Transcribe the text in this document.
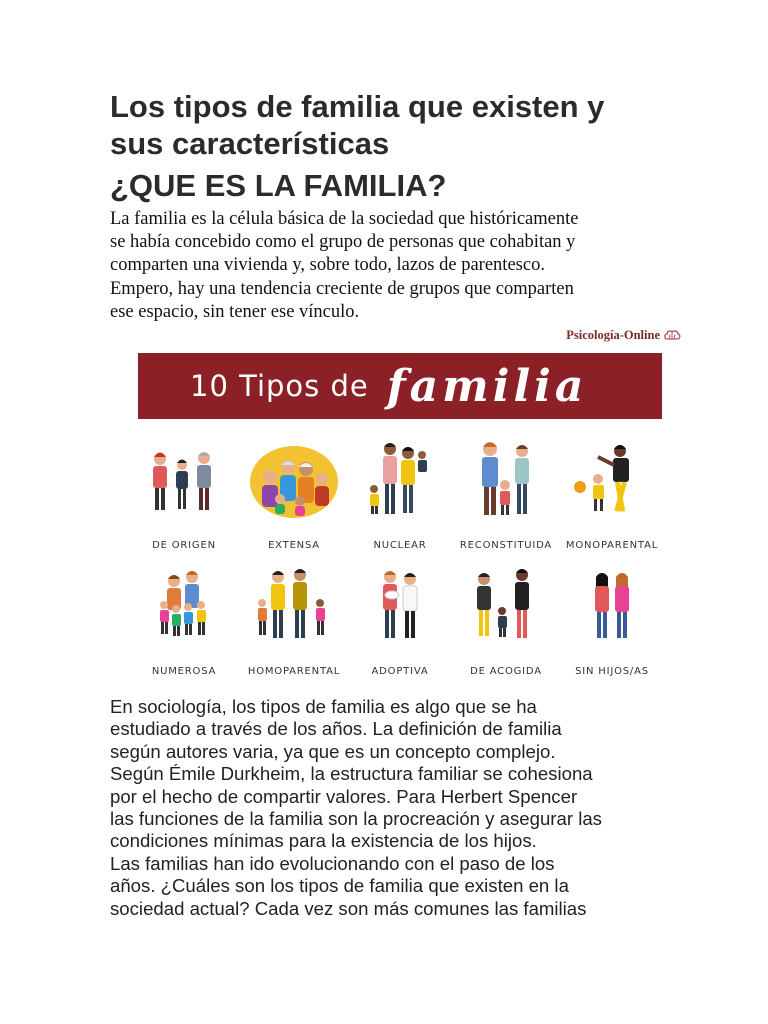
Los tipos de familia que existen y
sus características
¿QUE ES LA FAMILIA?

La familia es la célula básica de la sociedad que históricamente
se había concebido como el grupo de personas que cohabitan y
comparten una vivienda y, sobre todo, lazos de parentesco.
Empero, hay una tendencia creciente de grupos que comparten
ese espacio, sin tener ese vínculo.

Psicología-Online
10 Tipos de familia
DE ORIGEN	EXTENSA	NUCLEAR	RECONSTITUIDA	MONOPARENTAL
NUMEROSA	HOMOPARENTAL	ADOPTIVA	DE ACOGIDA	SIN HIJOS/AS

En sociología, los tipos de familia es algo que se ha
estudiado a través de los años. La definición de familia
según autores varia, ya que es un concepto complejo.
Según Émile Durkheim, la estructura familiar se cohesiona
por el hecho de compartir valores. Para Herbert Spencer
las funciones de la familia son la procreación y asegurar las
condiciones mínimas para la existencia de los hijos.
Las familias han ido evolucionando con el paso de los
años. ¿Cuáles son los tipos de familia que existen en la
sociedad actual? Cada vez son más comunes las familias
